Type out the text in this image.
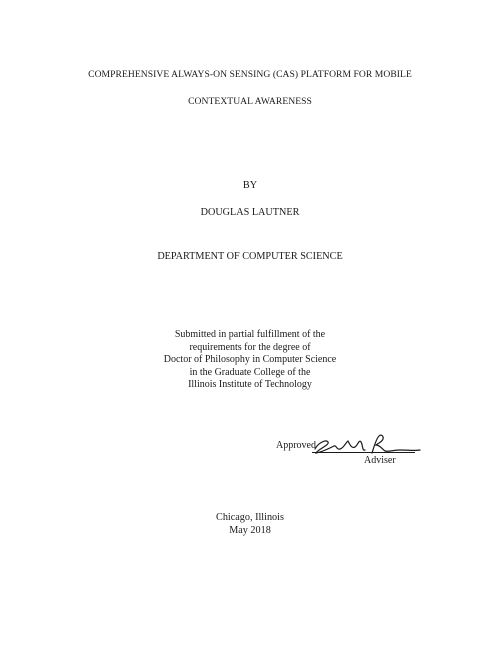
COMPREHENSIVE ALWAYS-ON SENSING (CAS) PLATFORM FOR MOBILE
CONTEXTUAL AWARENESS
BY
DOUGLAS LAUTNER
DEPARTMENT OF COMPUTER SCIENCE
Submitted in partial fulfillment of the
requirements for the degree of
Doctor of Philosophy in Computer Science
in the Graduate College of the
Illinois Institute of Technology
Approved
Adviser
Chicago, Illinois
May 2018
